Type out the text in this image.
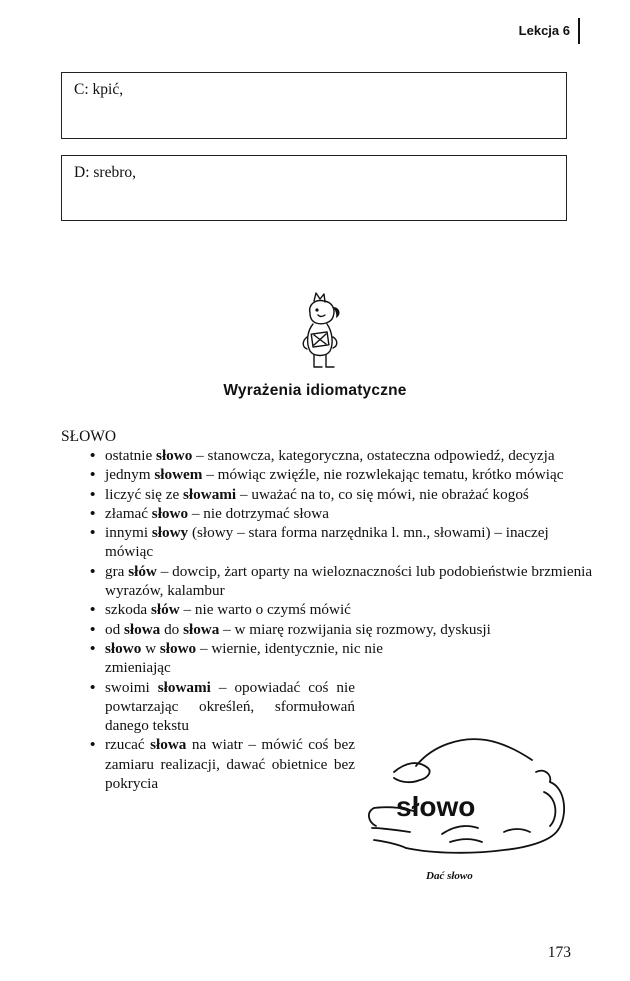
Lekcja 6
C: kpić,
D: srebro,
Wyrażenia idiomatyczne
SŁOWO
• ostatnie słowo – stanowcza, kategoryczna, ostateczna odpowiedź, decyzja
• jednym słowem – mówiąc zwięźle, nie rozwlekając tematu, krótko mówiąc
• liczyć się ze słowami – uważać na to, co się mówi, nie obrażać kogoś
• złamać słowo – nie dotrzymać słowa
• innymi słowy (słowy – stara forma narzędnika l. mn., słowami) – inaczej mówiąc
• gra słów – dowcip, żart oparty na wieloznaczności lub podobieństwie brzmienia wyrazów, kalambur
• szkoda słów – nie warto o czymś mówić
• od słowa do słowa – w miarę rozwijania się rozmowy, dyskusji
• słowo w słowo – wiernie, identycznie, nic nie zmieniając
• swoimi słowami – opowiadać coś nie powtarzając określeń, sformułowań danego tekstu
• rzucać słowa na wiatr – mówić coś bez zamiaru realizacji, dawać obietnice bez pokrycia
słowo
Dać słowo
173
